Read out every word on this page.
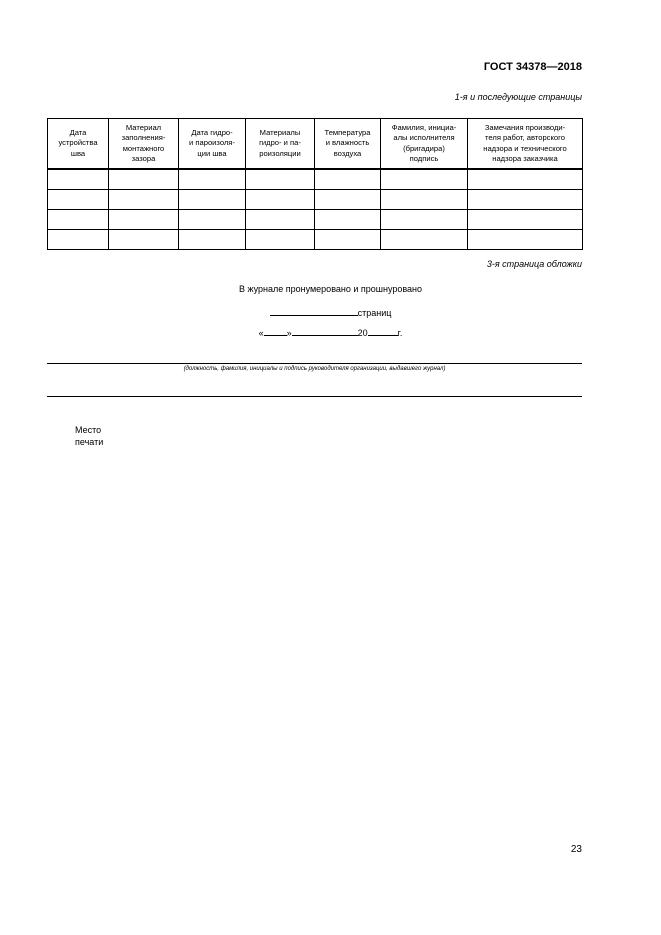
ГОСТ 34378—2018
1-я и последующие страницы
Дата
устройства
шва	Материал
заполнения-
монтажного
зазора	Дата гидро-
и пароизоля-
ции шва	Материалы
гидро- и па-
роизоляции	Температура
и влажность
воздуха	Фамилия, инициа-
алы исполнителя
(бригадира)
подпись	Замечания производи-
теля работ, авторского
надзора и технического
надзора заказчика

3-я страница обложки
В журнале пронумеровано и прошнуровано
страниц
«	»	20	г.
(должность, фамилия, инициалы и подпись руководителя организации, выдавшего журнал)
Место
печати
23
